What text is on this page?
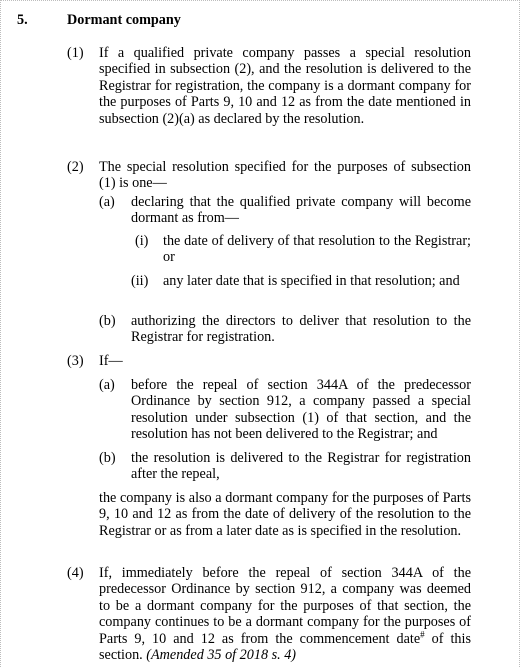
5.	Dormant company
(1) If a qualified private company passes a special resolution specified in subsection (2), and the resolution is delivered to the Registrar for registration, the company is a dormant company for the purposes of Parts 9, 10 and 12 as from the date mentioned in subsection (2)(a) as declared by the resolution.
(2) The special resolution specified for the purposes of subsection (1) is one—
(a) declaring that the qualified private company will become dormant as from—
(i) the date of delivery of that resolution to the Registrar; or
(ii) any later date that is specified in that resolution; and
(b) authorizing the directors to deliver that resolution to the Registrar for registration.
(3) If—
(a) before the repeal of section 344A of the predecessor Ordinance by section 912, a company passed a special resolution under subsection (1) of that section, and the resolution has not been delivered to the Registrar; and
(b) the resolution is delivered to the Registrar for registration after the repeal,
the company is also a dormant company for the purposes of Parts 9, 10 and 12 as from the date of delivery of the resolution to the Registrar or as from a later date as is specified in the resolution.
(4) If, immediately before the repeal of section 344A of the predecessor Ordinance by section 912, a company was deemed to be a dormant company for the purposes of that section, the company continues to be a dormant company for the purposes of Parts 9, 10 and 12 as from the commencement date# of this section. (Amended 35 of 2018 s. 4)
